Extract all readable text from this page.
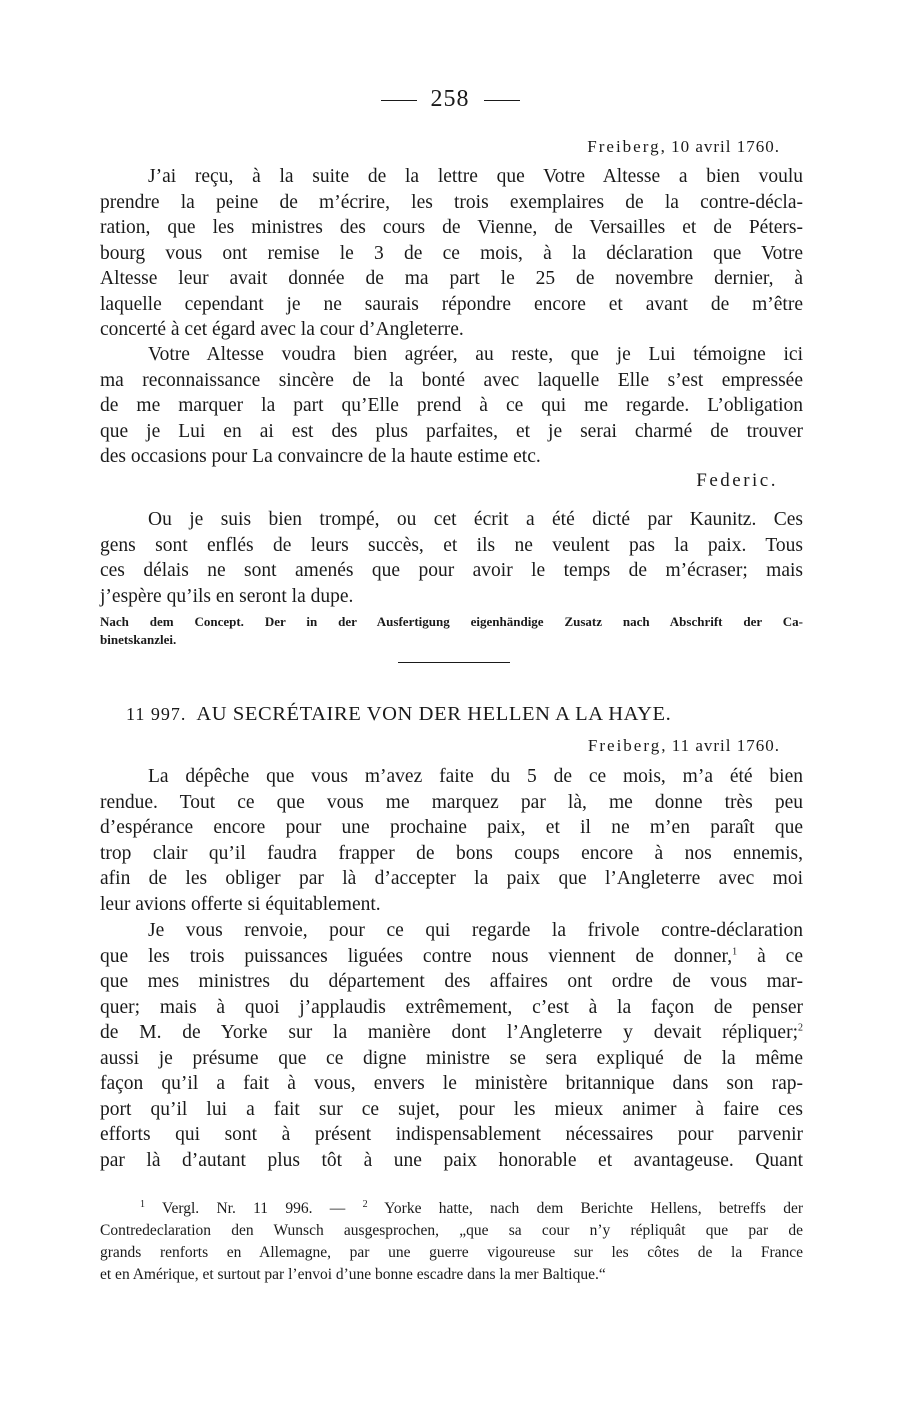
258
Freiberg, 10 avril 1760.
J’ai reçu, à la suite de la lettre que Votre Altesse a bien voulu
prendre la peine de m’écrire, les trois exemplaires de la contre-décla-
ration, que les ministres des cours de Vienne, de Versailles et de Péters-
bourg vous ont remise le 3 de ce mois, à la déclaration que Votre
Altesse leur avait donnée de ma part le 25 de novembre dernier, à
laquelle cependant je ne saurais répondre encore et avant de m’être
concerté à cet égard avec la cour d’Angleterre.
Votre Altesse voudra bien agréer, au reste, que je Lui témoigne ici
ma reconnaissance sincère de la bonté avec laquelle Elle s’est empressée
de me marquer la part qu’Elle prend à ce qui me regarde. L’obligation
que je Lui en ai est des plus parfaites, et je serai charmé de trouver
des occasions pour La convaincre de la haute estime etc.
Federic.
Ou je suis bien trompé, ou cet écrit a été dicté par Kaunitz. Ces
gens sont enflés de leurs succès, et ils ne veulent pas la paix. Tous
ces délais ne sont amenés que pour avoir le temps de m’écraser; mais
j’espère qu’ils en seront la dupe.
Nach dem Concept. Der in der Ausfertigung eigenhändige Zusatz nach Abschrift der Ca-
binetskanzlei.
11 997. AU SECRÉTAIRE VON DER HELLEN A LA HAYE.
Freiberg, 11 avril 1760.
La dépêche que vous m’avez faite du 5 de ce mois, m’a été bien
rendue. Tout ce que vous me marquez par là, me donne très peu
d’espérance encore pour une prochaine paix, et il ne m’en paraît que
trop clair qu’il faudra frapper de bons coups encore à nos ennemis,
afin de les obliger par là d’accepter la paix que l’Angleterre avec moi
leur avions offerte si équitablement.
Je vous renvoie, pour ce qui regarde la frivole contre-déclaration
que les trois puissances liguées contre nous viennent de donner,$^1$ à ce
que mes ministres du département des affaires ont ordre de vous mar-
quer; mais à quoi j’applaudis extrêmement, c’est à la façon de penser
de M. de Yorke sur la manière dont l’Angleterre y devait répliquer;$^2$
aussi je présume que ce digne ministre se sera expliqué de la même
façon qu’il a fait à vous, envers le ministère britannique dans son rap-
port qu’il lui a fait sur ce sujet, pour les mieux animer à faire ces
efforts qui sont à présent indispensablement nécessaires pour parvenir
par là d’autant plus tôt à une paix honorable et avantageuse. Quant
$^1$ Vergl. Nr. 11 996. — $^2$ Yorke hatte, nach dem Berichte Hellens, betreffs der
Contredeclaration den Wunsch ausgesprochen, „que sa cour n’y répliquât que par de
grands renforts en Allemagne, par une guerre vigoureuse sur les côtes de la France
et en Amérique, et surtout par l’envoi d’une bonne escadre dans la mer Baltique.“
